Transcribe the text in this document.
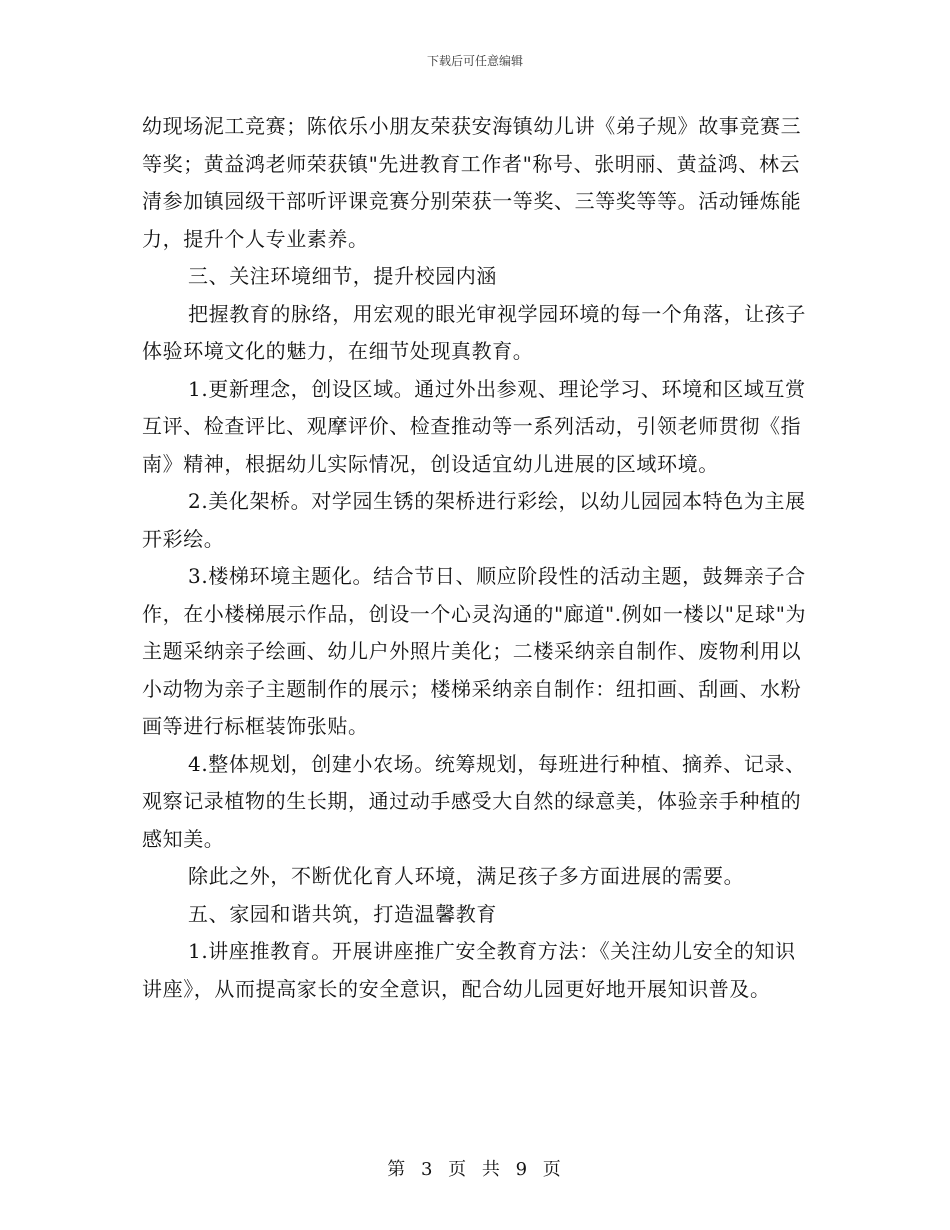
下载后可任意编辑

幼现场泥工竞赛；陈依乐小朋友荣获安海镇幼儿讲《弟子规》故事竞赛三等奖；黄益鸿老师荣获镇"先进教育工作者"称号、张明丽、黄益鸿、林云清参加镇园级干部听评课竞赛分别荣获一等奖、三等奖等等。活动锤炼能力，提升个人专业素养。

三、关注环境细节，提升校园内涵

把握教育的脉络，用宏观的眼光审视学园环境的每一个角落，让孩子体验环境文化的魅力，在细节处现真教育。

1.更新理念，创设区域。通过外出参观、理论学习、环境和区域互赏互评、检查评比、观摩评价、检查推动等一系列活动，引领老师贯彻《指南》精神，根据幼儿实际情况，创设适宜幼儿进展的区域环境。

2.美化架桥。对学园生锈的架桥进行彩绘，以幼儿园园本特色为主展开彩绘。

3.楼梯环境主题化。结合节日、顺应阶段性的活动主题，鼓舞亲子合作，在小楼梯展示作品，创设一个心灵沟通的"廊道".例如一楼以"足球"为主题采纳亲子绘画、幼儿户外照片美化；二楼采纳亲自制作、废物利用以小动物为亲子主题制作的展示；楼梯采纳亲自制作：纽扣画、刮画、水粉画等进行标框装饰张贴。

4.整体规划，创建小农场。统筹规划，每班进行种植、摘养、记录、观察记录植物的生长期，通过动手感受大自然的绿意美，体验亲手种植的感知美。

除此之外，不断优化育人环境，满足孩子多方面进展的需要。

五、家园和谐共筑，打造温馨教育

1.讲座推教育。开展讲座推广安全教育方法：《关注幼儿安全的知识讲座》，从而提高家长的安全意识，配合幼儿园更好地开展知识普及。

第 3 页 共 9 页
